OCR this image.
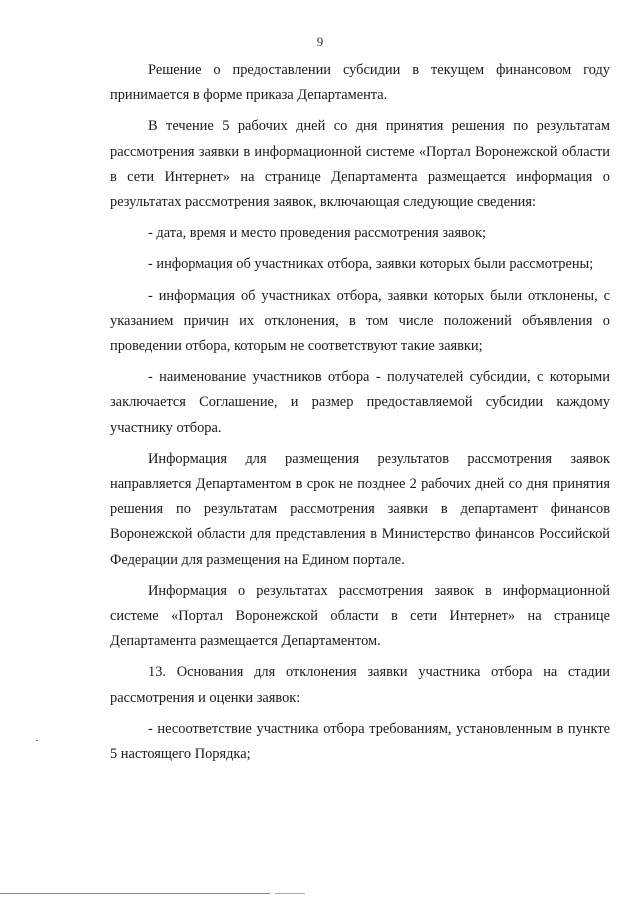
9

Решение о предоставлении субсидии в текущем финансовом году принимается в форме приказа Департамента.

В течение 5 рабочих дней со дня принятия решения по результатам рассмотрения заявки в информационной системе «Портал Воронежской области в сети Интернет» на странице Департамента размещается информация о результатах рассмотрения заявок, включающая следующие сведения:

- дата, время и место проведения рассмотрения заявок;

- информация об участниках отбора, заявки которых были рассмотрены;

- информация об участниках отбора, заявки которых были отклонены, с указанием причин их отклонения, в том числе положений объявления о проведении отбора, которым не соответствуют такие заявки;

- наименование участников отбора - получателей субсидии, с которыми заключается Соглашение, и размер предоставляемой субсидии каждому участнику отбора.

Информация для размещения результатов рассмотрения заявок направляется Департаментом в срок не позднее 2 рабочих дней со дня принятия решения по результатам рассмотрения заявки в департамент финансов Воронежской области для представления в Министерство финансов Российской Федерации для размещения на Едином портале.

Информация о результатах рассмотрения заявок в информационной системе «Портал Воронежской области в сети Интернет» на странице Департамента размещается Департаментом.

13. Основания для отклонения заявки участника отбора на стадии рассмотрения и оценки заявок:

- несоответствие участника отбора требованиям, установленным в пункте 5 настоящего Порядка;
